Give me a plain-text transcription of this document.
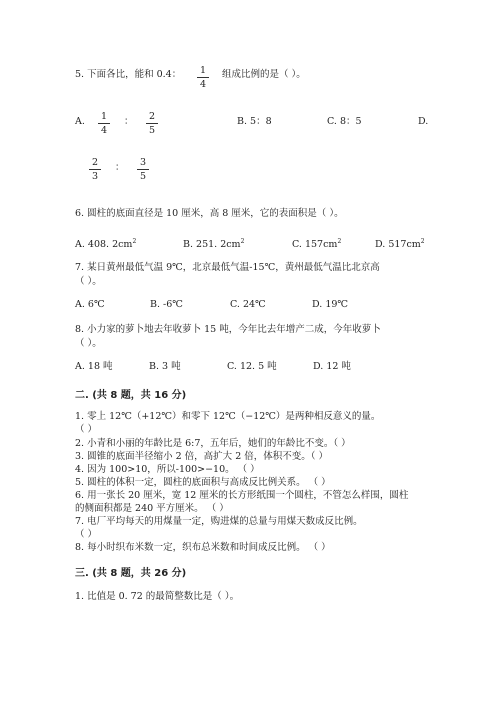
5. 下面各比，能和 0.4：	1
4
组成比例的是（ ）。
A.	1
4
：	2
5
B. 5：8	C. 8：5	D.
2
3
：	3
5
6. 圆柱的底面直径是 10 厘米，高 8 厘米，它的表面积是（ ）。
A. 408. $2cm^2$	B. 251. $2cm^2$	C. $157cm^2$	D. $517cm^2$
7. 某日黄州最低气温 9℃，北京最低气温-15℃，黄州最低气温比北京高
（ ）。
A. 6℃	B. -6℃	C. 24℃	D. 19℃
8. 小力家的萝卜地去年收萝卜 15 吨，今年比去年增产二成，今年收萝卜
（ ）。
A. 18 吨	B. 3 吨	C. 12. 5 吨	D. 12 吨
二. (共 8 题，共 16 分)
1. 零上 12℃（+12℃）和零下 12℃（−12℃）是两种相反意义的量。
（ ）
2. 小青和小丽的年龄比是 6:7，五年后，她们的年龄比不变。（ ）
3. 圆锥的底面半径缩小 2 倍，高扩大 2 倍，体积不变。（ ）
4. 因为 100>10，所以-100>−10。 （ ）
5. 圆柱的体积一定，圆柱的底面积与高成反比例关系。 （ ）
6. 用一张长 20 厘米，宽 12 厘米的长方形纸围一个圆柱，不管怎么样围，圆柱
的侧面积都是 240 平方厘米。 （ ）
7. 电厂平均每天的用煤量一定，购进煤的总量与用煤天数成反比例。
（ ）
8. 每小时织布米数一定，织布总米数和时间成反比例。 （ ）
三. (共 8 题，共 26 分)
1. 比值是 0. 72 的最简整数比是（ ）。
